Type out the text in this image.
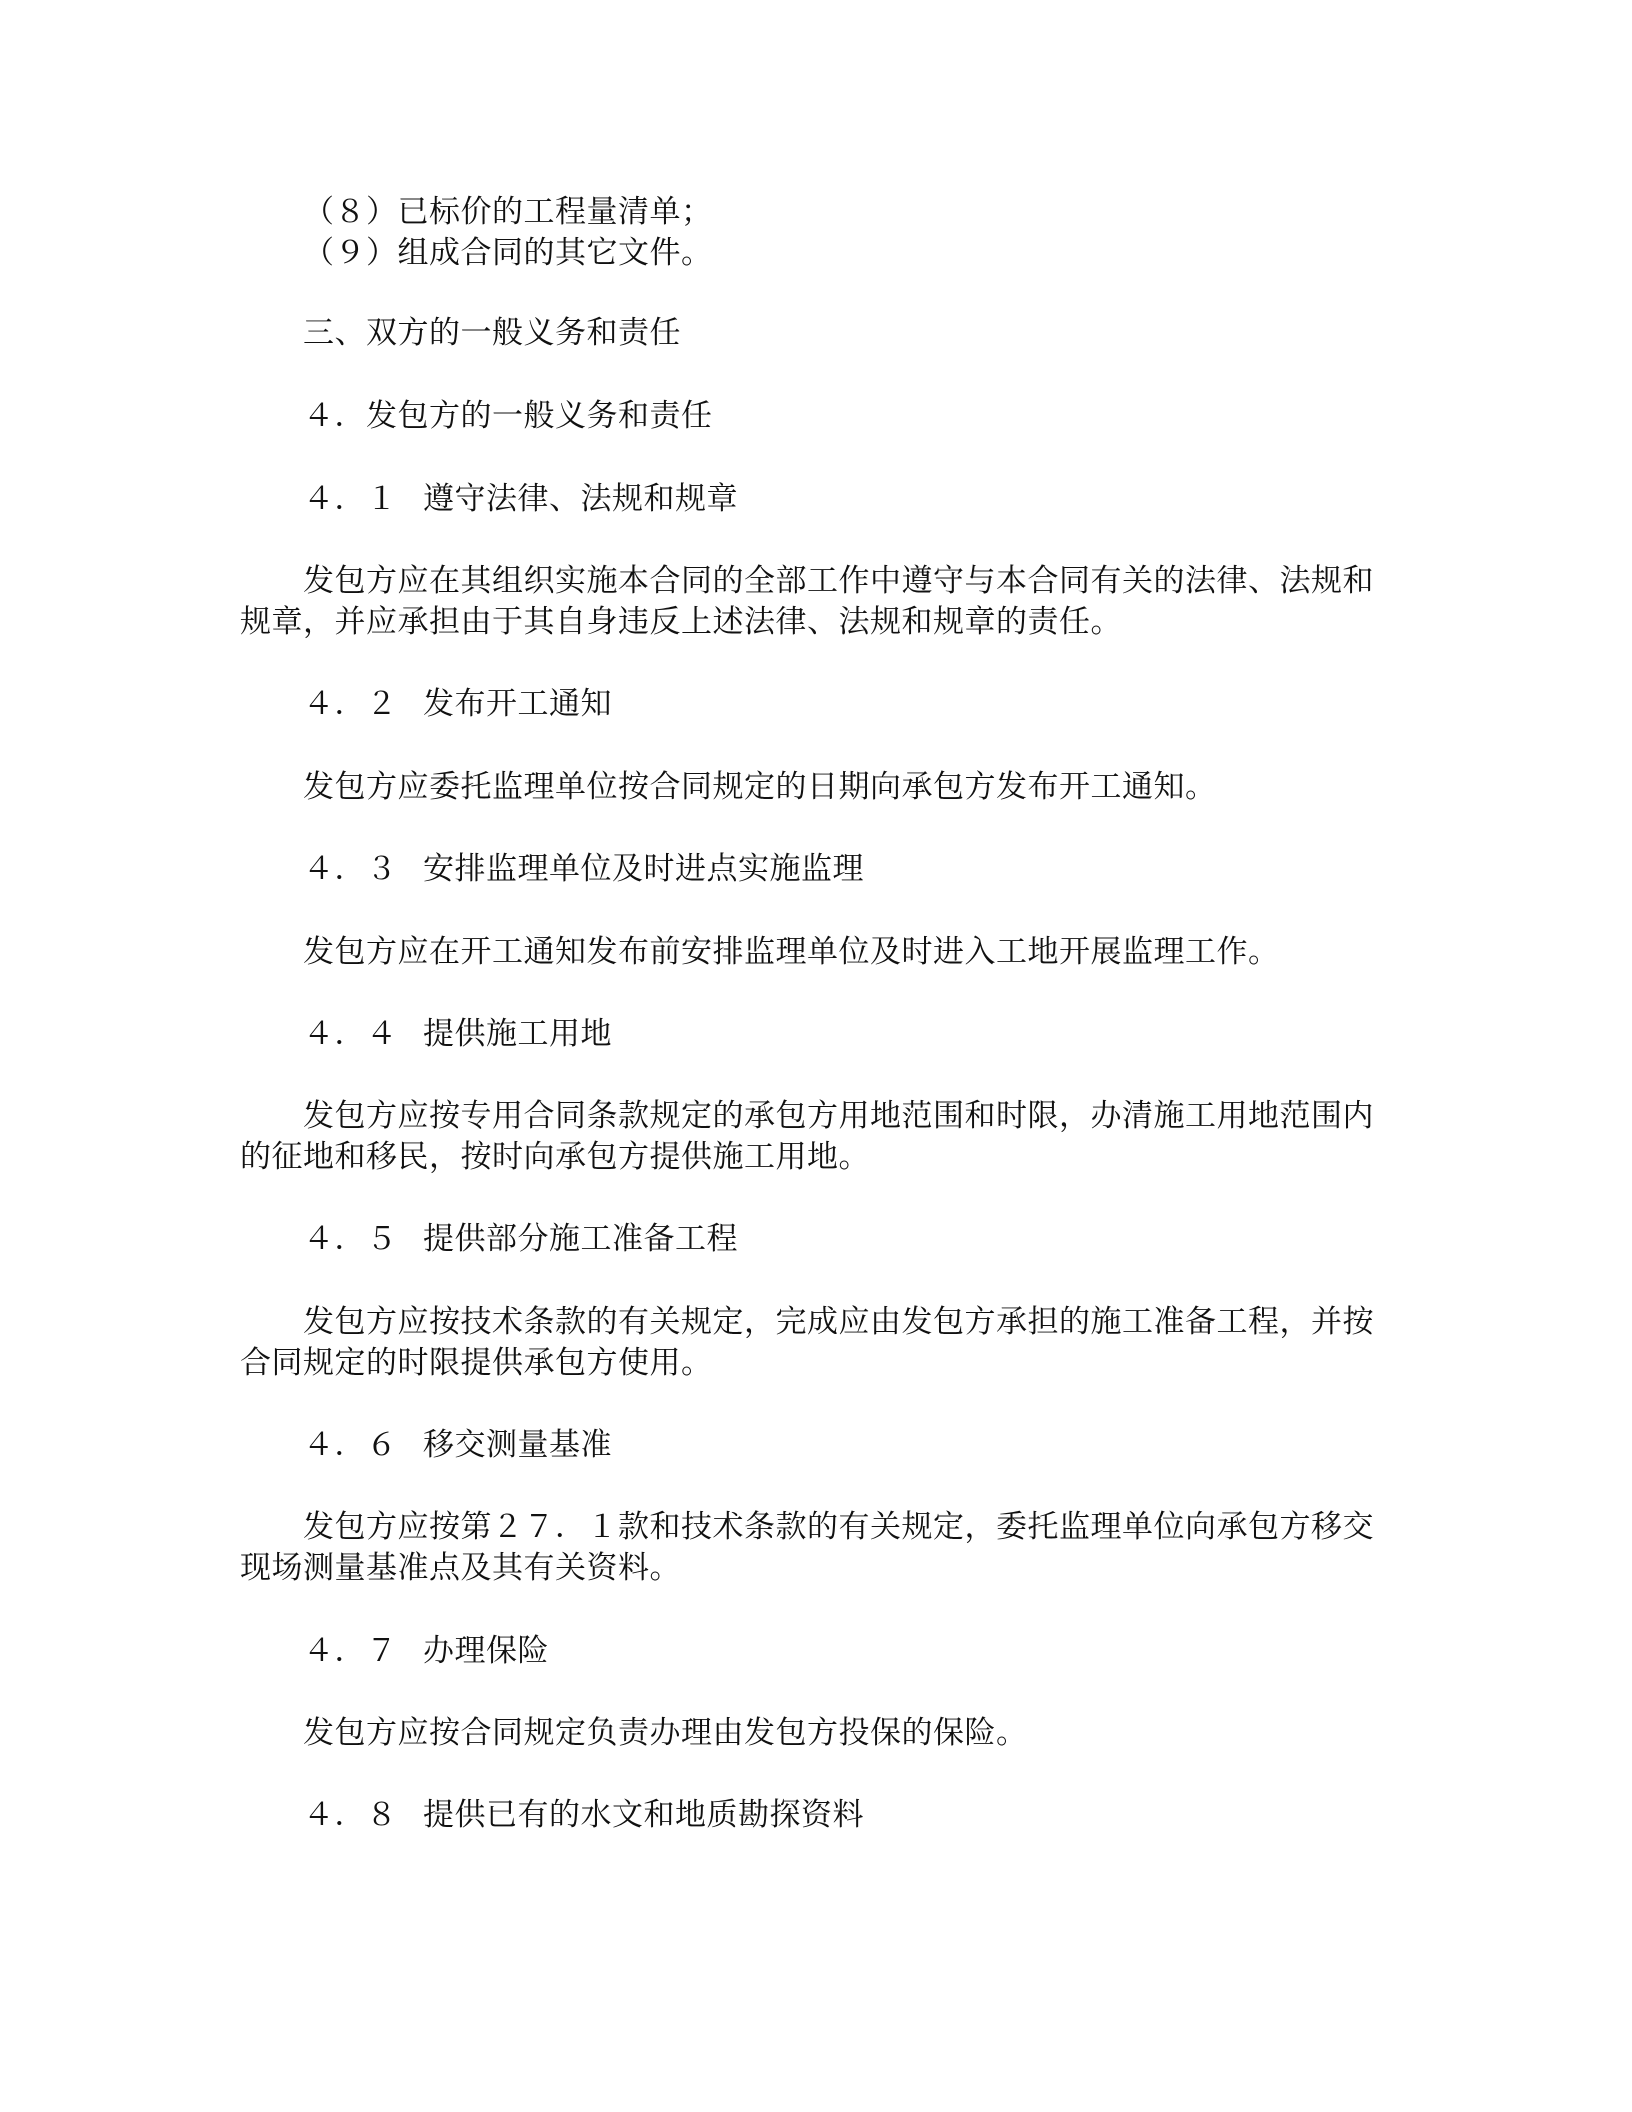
（８）已标价的工程量清单；
（９）组成合同的其它文件。
三、双方的一般义务和责任
４．发包方的一般义务和责任
４．１ 遵守法律、法规和规章
发包方应在其组织实施本合同的全部工作中遵守与本合同有关的法律、法规和
规章，并应承担由于其自身违反上述法律、法规和规章的责任。
４．２ 发布开工通知
发包方应委托监理单位按合同规定的日期向承包方发布开工通知。
４．３ 安排监理单位及时进点实施监理
发包方应在开工通知发布前安排监理单位及时进入工地开展监理工作。
４．４ 提供施工用地
发包方应按专用合同条款规定的承包方用地范围和时限，办清施工用地范围内
的征地和移民，按时向承包方提供施工用地。
４．５ 提供部分施工准备工程
发包方应按技术条款的有关规定，完成应由发包方承担的施工准备工程，并按
合同规定的时限提供承包方使用。
４．６ 移交测量基准
发包方应按第２７．１款和技术条款的有关规定，委托监理单位向承包方移交
现场测量基准点及其有关资料。
４．７ 办理保险
发包方应按合同规定负责办理由发包方投保的保险。
４．８ 提供已有的水文和地质勘探资料
